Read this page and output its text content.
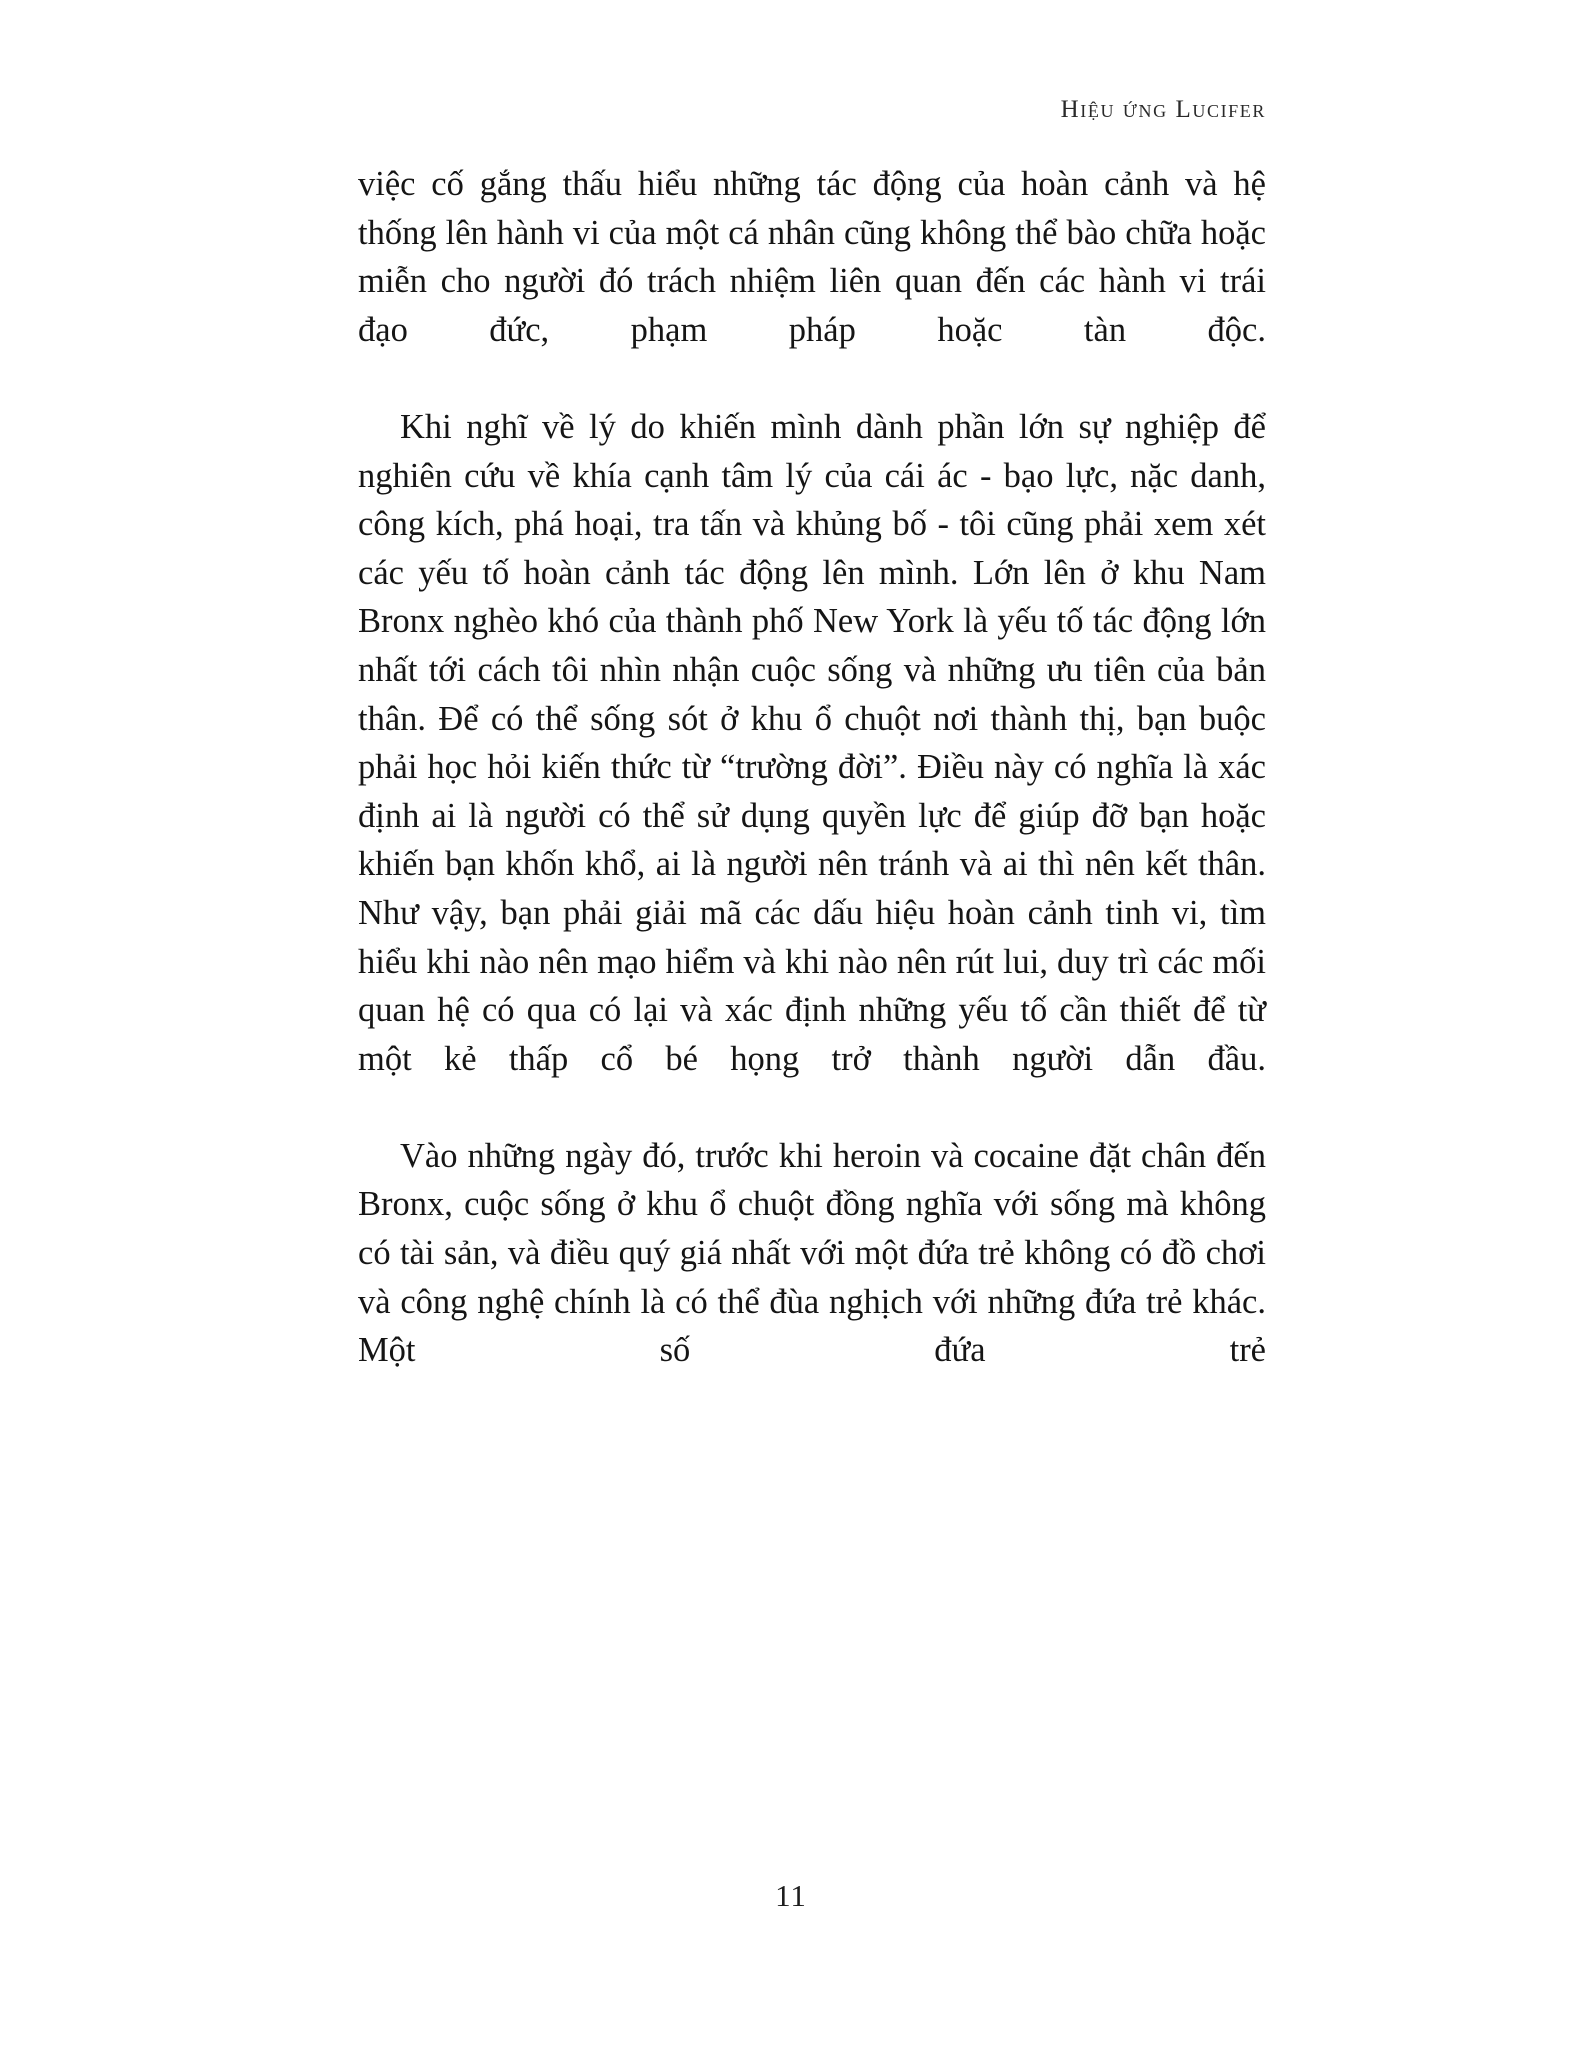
Hiệu ứng Lucifer

việc cố gắng thấu hiểu những tác động của hoàn cảnh và hệ thống lên hành vi của một cá nhân cũng không thể bào chữa hoặc miễn cho người đó trách nhiệm liên quan đến các hành vi trái đạo đức, phạm pháp hoặc tàn độc.

Khi nghĩ về lý do khiến mình dành phần lớn sự nghiệp để nghiên cứu về khía cạnh tâm lý của cái ác - bạo lực, nặc danh, công kích, phá hoại, tra tấn và khủng bố - tôi cũng phải xem xét các yếu tố hoàn cảnh tác động lên mình. Lớn lên ở khu Nam Bronx nghèo khó của thành phố New York là yếu tố tác động lớn nhất tới cách tôi nhìn nhận cuộc sống và những ưu tiên của bản thân. Để có thể sống sót ở khu ổ chuột nơi thành thị, bạn buộc phải học hỏi kiến thức từ “trường đời”. Điều này có nghĩa là xác định ai là người có thể sử dụng quyền lực để giúp đỡ bạn hoặc khiến bạn khốn khổ, ai là người nên tránh và ai thì nên kết thân. Như vậy, bạn phải giải mã các dấu hiệu hoàn cảnh tinh vi, tìm hiểu khi nào nên mạo hiểm và khi nào nên rút lui, duy trì các mối quan hệ có qua có lại và xác định những yếu tố cần thiết để từ một kẻ thấp cổ bé họng trở thành người dẫn đầu.

Vào những ngày đó, trước khi heroin và cocaine đặt chân đến Bronx, cuộc sống ở khu ổ chuột đồng nghĩa với sống mà không có tài sản, và điều quý giá nhất với một đứa trẻ không có đồ chơi và công nghệ chính là có thể đùa nghịch với những đứa trẻ khác. Một số đứa trẻ

11
